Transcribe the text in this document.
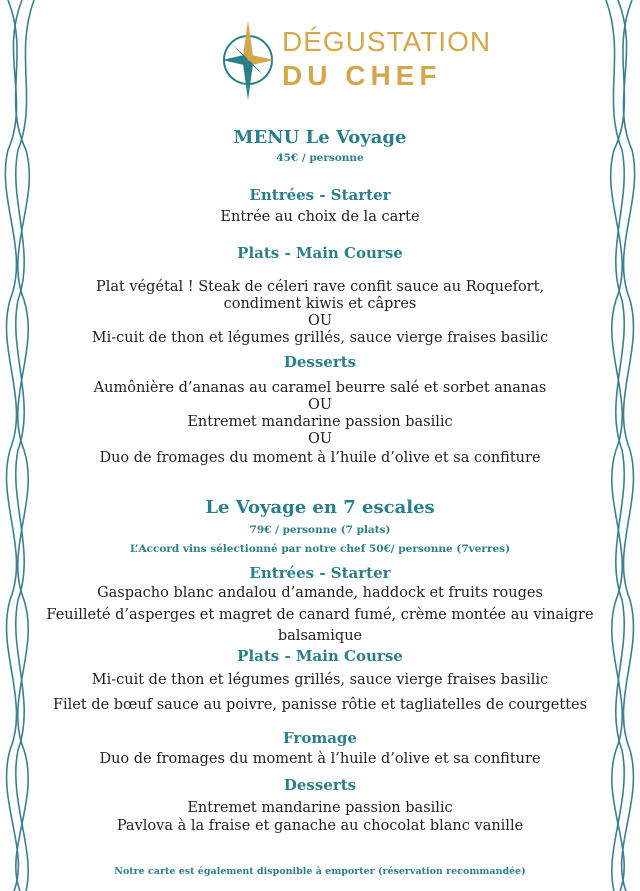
DÉGUSTATION
DU CHEF
MENU Le Voyage
45€ / personne
Entrées - Starter
Entrée au choix de la carte
Plats - Main Course
Plat végétal ! Steak de céleri rave confit sauce au Roquefort,
condiment kiwis et câpres
OU
Mi-cuit de thon et légumes grillés, sauce vierge fraises basilic
Desserts
Aumônière d’ananas au caramel beurre salé et sorbet ananas
OU
Entremet mandarine passion basilic
OU
Duo de fromages du moment à l’huile d’olive et sa confiture
Le Voyage en 7 escales
79€ / personne (7 plats)
L’Accord vins sélectionné par notre chef 50€/ personne (7verres)
Entrées - Starter
Gaspacho blanc andalou d’amande, haddock et fruits rouges
Feuilleté d’asperges et magret de canard fumé, crème montée au vinaigre
balsamique
Plats - Main Course
Mi-cuit de thon et légumes grillés, sauce vierge fraises basilic
Filet de bœuf sauce au poivre, panisse rôtie et tagliatelles de courgettes
Fromage
Duo de fromages du moment à l’huile d’olive et sa confiture
Desserts
Entremet mandarine passion basilic
Pavlova à la fraise et ganache au chocolat blanc vanille
Notre carte est également disponible à emporter (réservation recommandée)
